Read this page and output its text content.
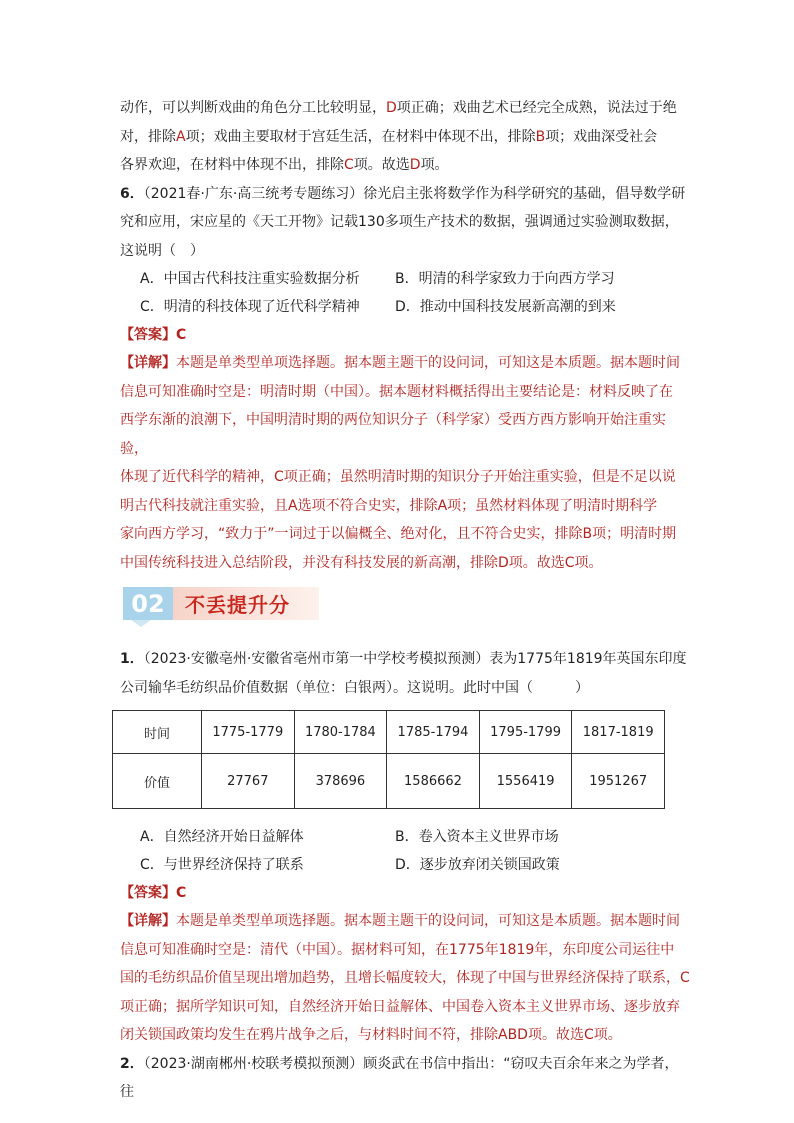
动作，可以判断戏曲的角色分工比较明显，D项正确；戏曲艺术已经完全成熟，说法过于绝

对，排除A项；戏曲主要取材于宫廷生活，在材料中体现不出，排除B项；戏曲深受社会

各界欢迎，在材料中体现不出，排除C项。故选D项。

6．（2021春·广东·高三统考专题练习）徐光启主张将数学作为科学研究的基础，倡导数学研

究和应用，宋应星的《天工开物》记载130多项生产技术的数据，强调通过实验测取数据，

这说明（　）

A．中国古代科技注重实验数据分析	B．明清的科学家致力于向西方学习
C．明清的科技体现了近代科学精神	D．推动中国科技发展新高潮的到来

【答案】C

【详解】本题是单类型单项选择题。据本题主题干的设问词，可知这是本质题。据本题时间

信息可知准确时空是：明清时期（中国）。据本题材料概括得出主要结论是：材料反映了在

西学东渐的浪潮下，中国明清时期的两位知识分子（科学家）受西方西方影响开始注重实验，

体现了近代科学的精神，C项正确；虽然明清时期的知识分子开始注重实验，但是不足以说

明古代科技就注重实验，且A选项不符合史实，排除A项；虽然材料体现了明清时期科学

家向西方学习，“致力于”一词过于以偏概全、绝对化，且不符合史实，排除B项；明清时期

中国传统科技进入总结阶段，并没有科技发展的新高潮，排除D项。故选C项。

02	不丢提升分

1．（2023·安徽亳州·安徽省亳州市第一中学校考模拟预测）表为1775年1819年英国东印度

公司输华毛纺织品价值数据（单位：白银两）。这说明。此时中国（　　　）

时间	1775-1779	1780-1784	1785-1794	1795-1799	1817-1819
价值	27767	378696	1586662	1556419	1951267
A．自然经济开始日益解体	B．卷入资本主义世界市场
C．与世界经济保持了联系	D．逐步放弃闭关锁国政策

【答案】C

【详解】本题是单类型单项选择题。据本题主题干的设问词，可知这是本质题。据本题时间

信息可知准确时空是：清代（中国）。据材料可知，在1775年1819年，东印度公司运往中

国的毛纺织品价值呈现出增加趋势，且增长幅度较大，体现了中国与世界经济保持了联系，C

项正确；据所学知识可知，自然经济开始日益解体、中国卷入资本主义世界市场、逐步放弃

闭关锁国政策均发生在鸦片战争之后，与材料时间不符，排除ABD项。故选C项。

2．（2023·湖南郴州·校联考模拟预测）顾炎武在书信中指出：“窃叹夫百余年来之为学者，往
